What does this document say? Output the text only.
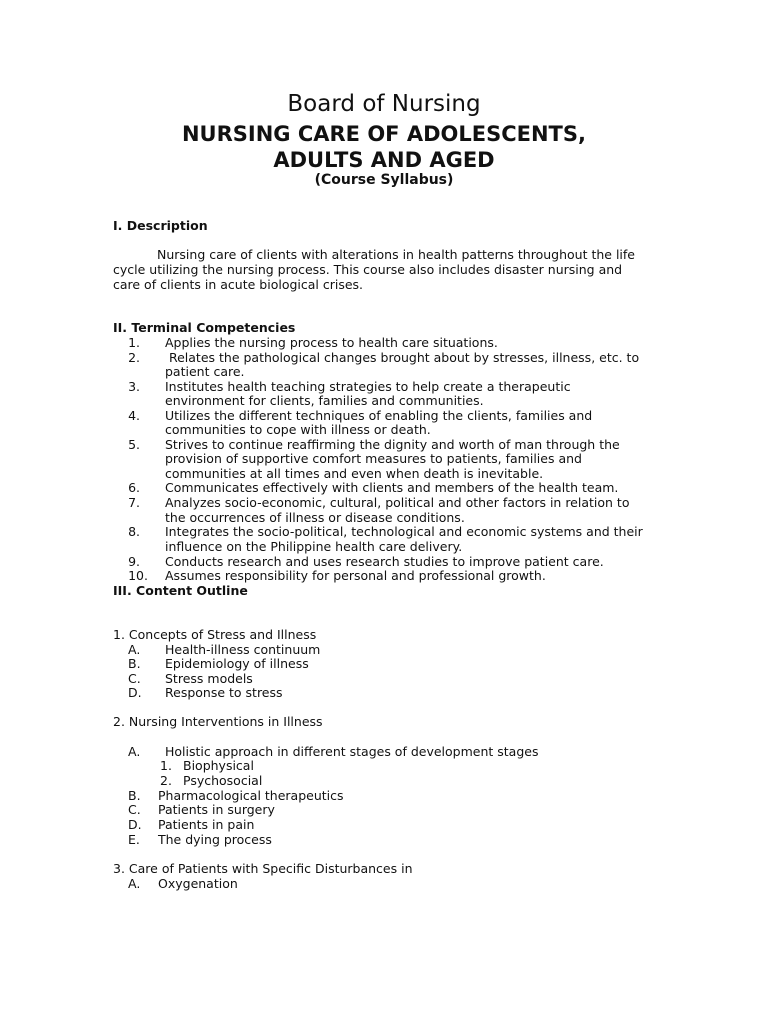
Board of Nursing
NURSING CARE OF ADOLESCENTS,
ADULTS AND AGED
(Course Syllabus)
I. Description
Nursing care of clients with alterations in health patterns throughout the life cycle utilizing the nursing process. This course also includes disaster nursing and care of clients in acute biological crises.
II. Terminal Competencies
1. Applies the nursing process to health care situations.
2. Relates the pathological changes brought about by stresses, illness, etc. to
patient care.
3. Institutes health teaching strategies to help create a therapeutic
environment for clients, families and communities.
4. Utilizes the different techniques of enabling the clients, families and
communities to cope with illness or death.
5. Strives to continue reaffirming the dignity and worth of man through the
provision of supportive comfort measures to patients, families and
communities at all times and even when death is inevitable.
6. Communicates effectively with clients and members of the health team.
7. Analyzes socio-economic, cultural, political and other factors in relation to
the occurrences of illness or disease conditions.
8. Integrates the socio-political, technological and economic systems and their
influence on the Philippine health care delivery.
9. Conducts research and uses research studies to improve patient care.
10. Assumes responsibility for personal and professional growth.
III. Content Outline
1. Concepts of Stress and Illness
A. Health-illness continuum
B. Epidemiology of illness
C. Stress models
D. Response to stress
2. Nursing Interventions in Illness
A. Holistic approach in different stages of development stages
1. Biophysical
2. Psychosocial
B. Pharmacological therapeutics
C. Patients in surgery
D. Patients in pain
E. The dying process
3. Care of Patients with Specific Disturbances in
A. Oxygenation
